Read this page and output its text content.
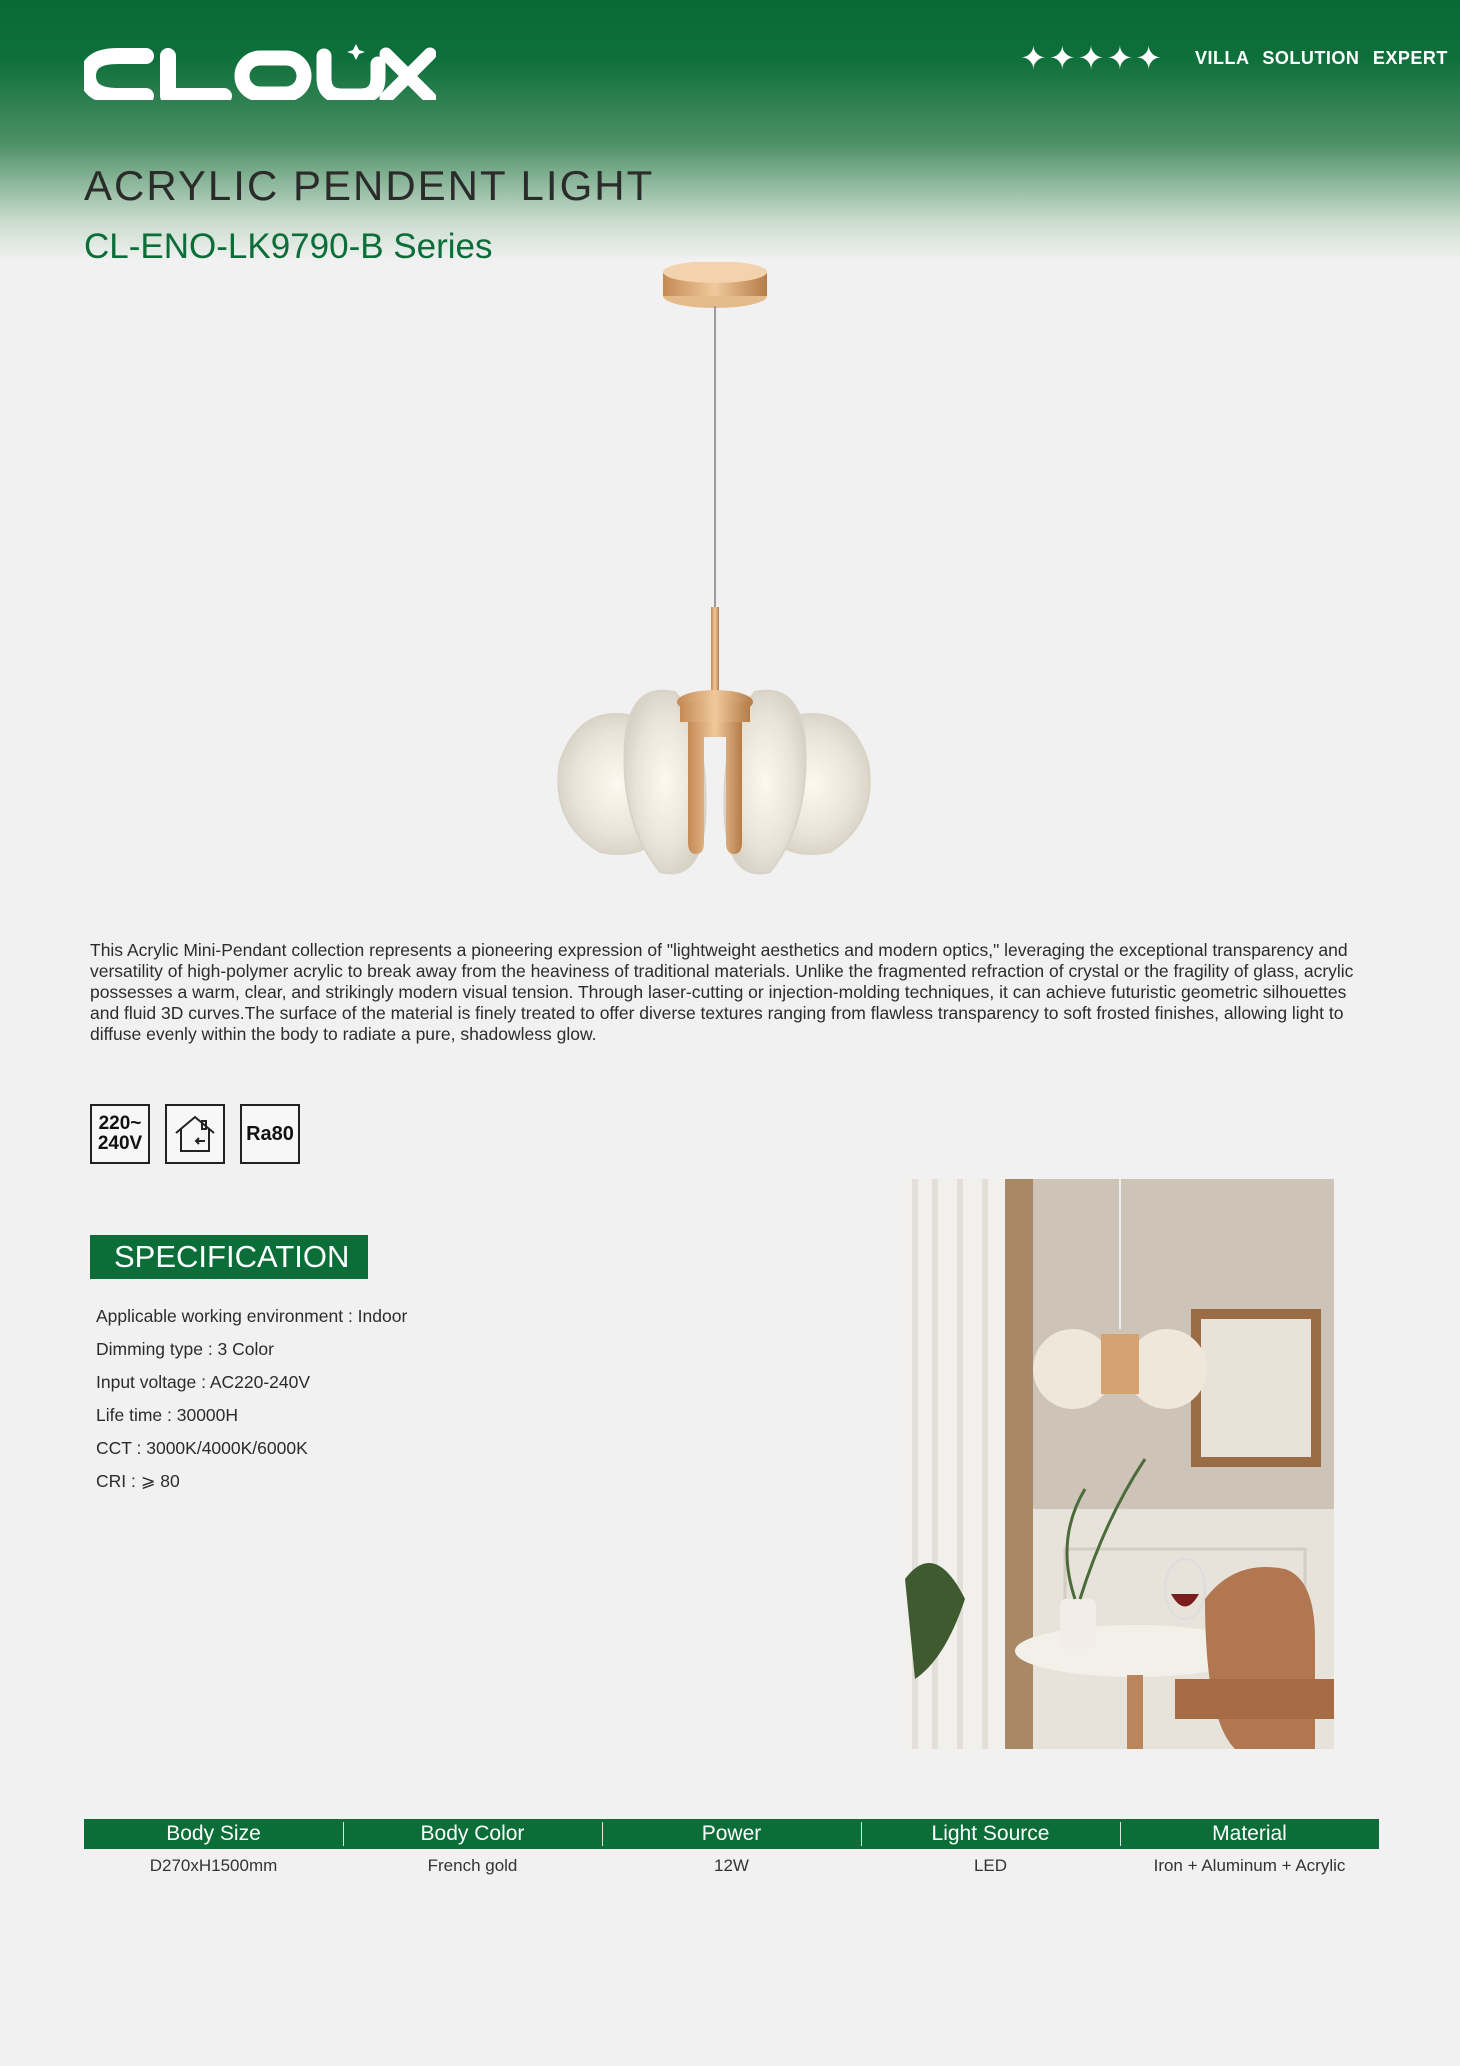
✦ ✦ ✦ ✦ ✦ VILLA SOLUTION EXPERT
ACRYLIC PENDENT LIGHT
CL-ENO-LK9790-B Series

This Acrylic Mini-Pendant collection represents a pioneering expression of "lightweight aesthetics and modern optics," leveraging the exceptional transparency and versatility of high-polymer acrylic to break away from the heaviness of traditional materials. Unlike the fragmented refraction of crystal or the fragility of glass, acrylic possesses a warm, clear, and strikingly modern visual tension. Through laser-cutting or injection-molding techniques, it can achieve futuristic geometric silhouettes and fluid 3D curves.The surface of the material is finely treated to offer diverse textures ranging from flawless transparency to soft frosted finishes, allowing light to diffuse evenly within the body to radiate a pure, shadowless glow.

220~
240V	Ra80
SPECIFICATION
Applicable working environment : Indoor
Dimming type : 3 Color
Input voltage : AC220-240V
Life time : 30000H
CCT : 3000K/4000K/6000K
CRI : ⩾ 80
Body Size	Body Color	Power	Light Source	Material
D270xH1500mm	French gold	12W	LED	Iron + Aluminum + Acrylic
